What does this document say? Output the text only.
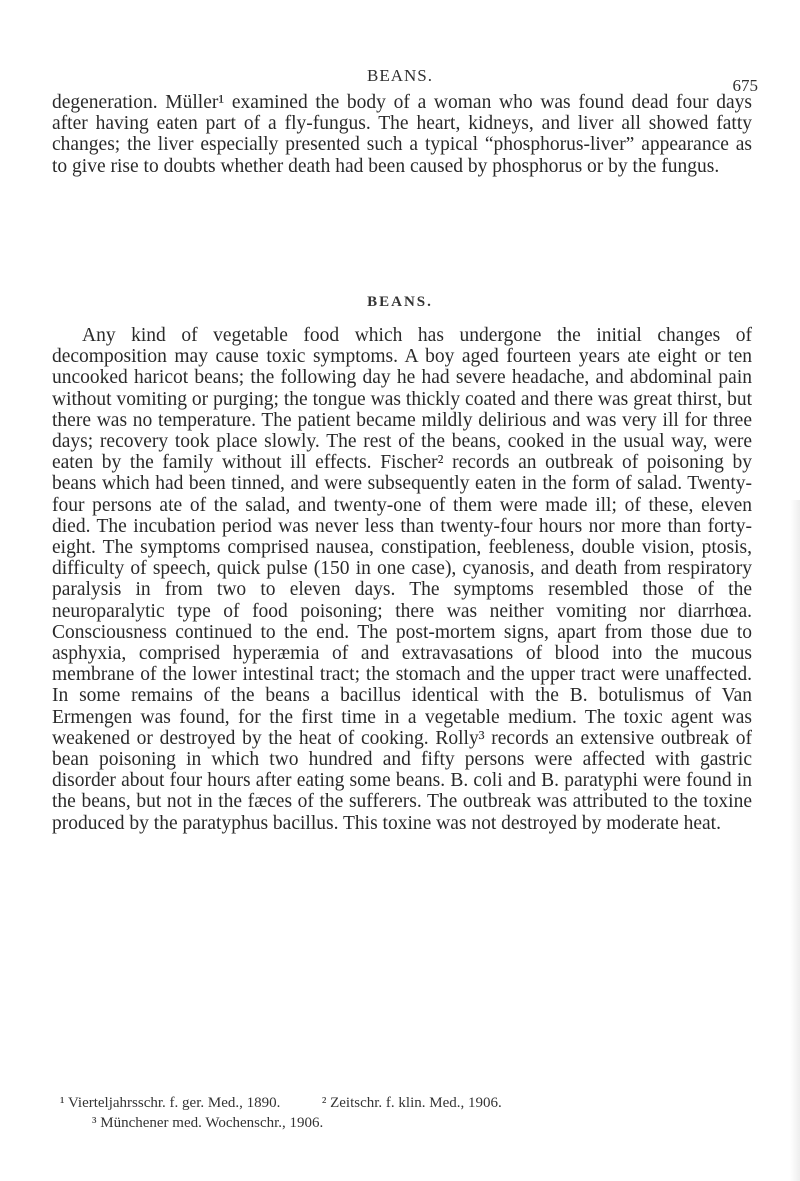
BEANS.
675

degeneration. Müller¹ examined the body of a woman who was found dead four days after having eaten part of a fly-fungus. The heart, kidneys, and liver all showed fatty changes; the liver especially presented such a typical “phosphorus-liver” appearance as to give rise to doubts whether death had been caused by phosphorus or by the fungus.

BEANS.

Any kind of vegetable food which has undergone the initial changes of decomposition may cause toxic symptoms. A boy aged fourteen years ate eight or ten uncooked haricot beans; the following day he had severe headache, and abdominal pain without vomiting or purging; the tongue was thickly coated and there was great thirst, but there was no temperature. The patient became mildly delirious and was very ill for three days; recovery took place slowly. The rest of the beans, cooked in the usual way, were eaten by the family without ill effects. Fischer² records an outbreak of poisoning by beans which had been tinned, and were subsequently eaten in the form of salad. Twenty-four persons ate of the salad, and twenty-one of them were made ill; of these, eleven died. The incubation period was never less than twenty-four hours nor more than forty-eight. The symptoms comprised nausea, constipation, feebleness, double vision, ptosis, difficulty of speech, quick pulse (150 in one case), cyanosis, and death from respiratory paralysis in from two to eleven days. The symptoms resembled those of the neuroparalytic type of food poisoning; there was neither vomiting nor diarrhœa. Consciousness continued to the end. The post-mortem signs, apart from those due to asphyxia, comprised hyperæmia of and extravasations of blood into the mucous membrane of the lower intestinal tract; the stomach and the upper tract were unaffected. In some remains of the beans a bacillus identical with the B. botulismus of Van Ermengen was found, for the first time in a vegetable medium. The toxic agent was weakened or destroyed by the heat of cooking. Rolly³ records an extensive outbreak of bean poisoning in which two hundred and fifty persons were affected with gastric disorder about four hours after eating some beans. B. coli and B. paratyphi were found in the beans, but not in the fæces of the sufferers. The outbreak was attributed to the toxine produced by the paratyphus bacillus. This toxine was not destroyed by moderate heat.

¹ Vierteljahrsschr. f. ger. Med., 1890.	² Zeitschr. f. klin. Med., 1906.
³ Münchener med. Wochenschr., 1906.
